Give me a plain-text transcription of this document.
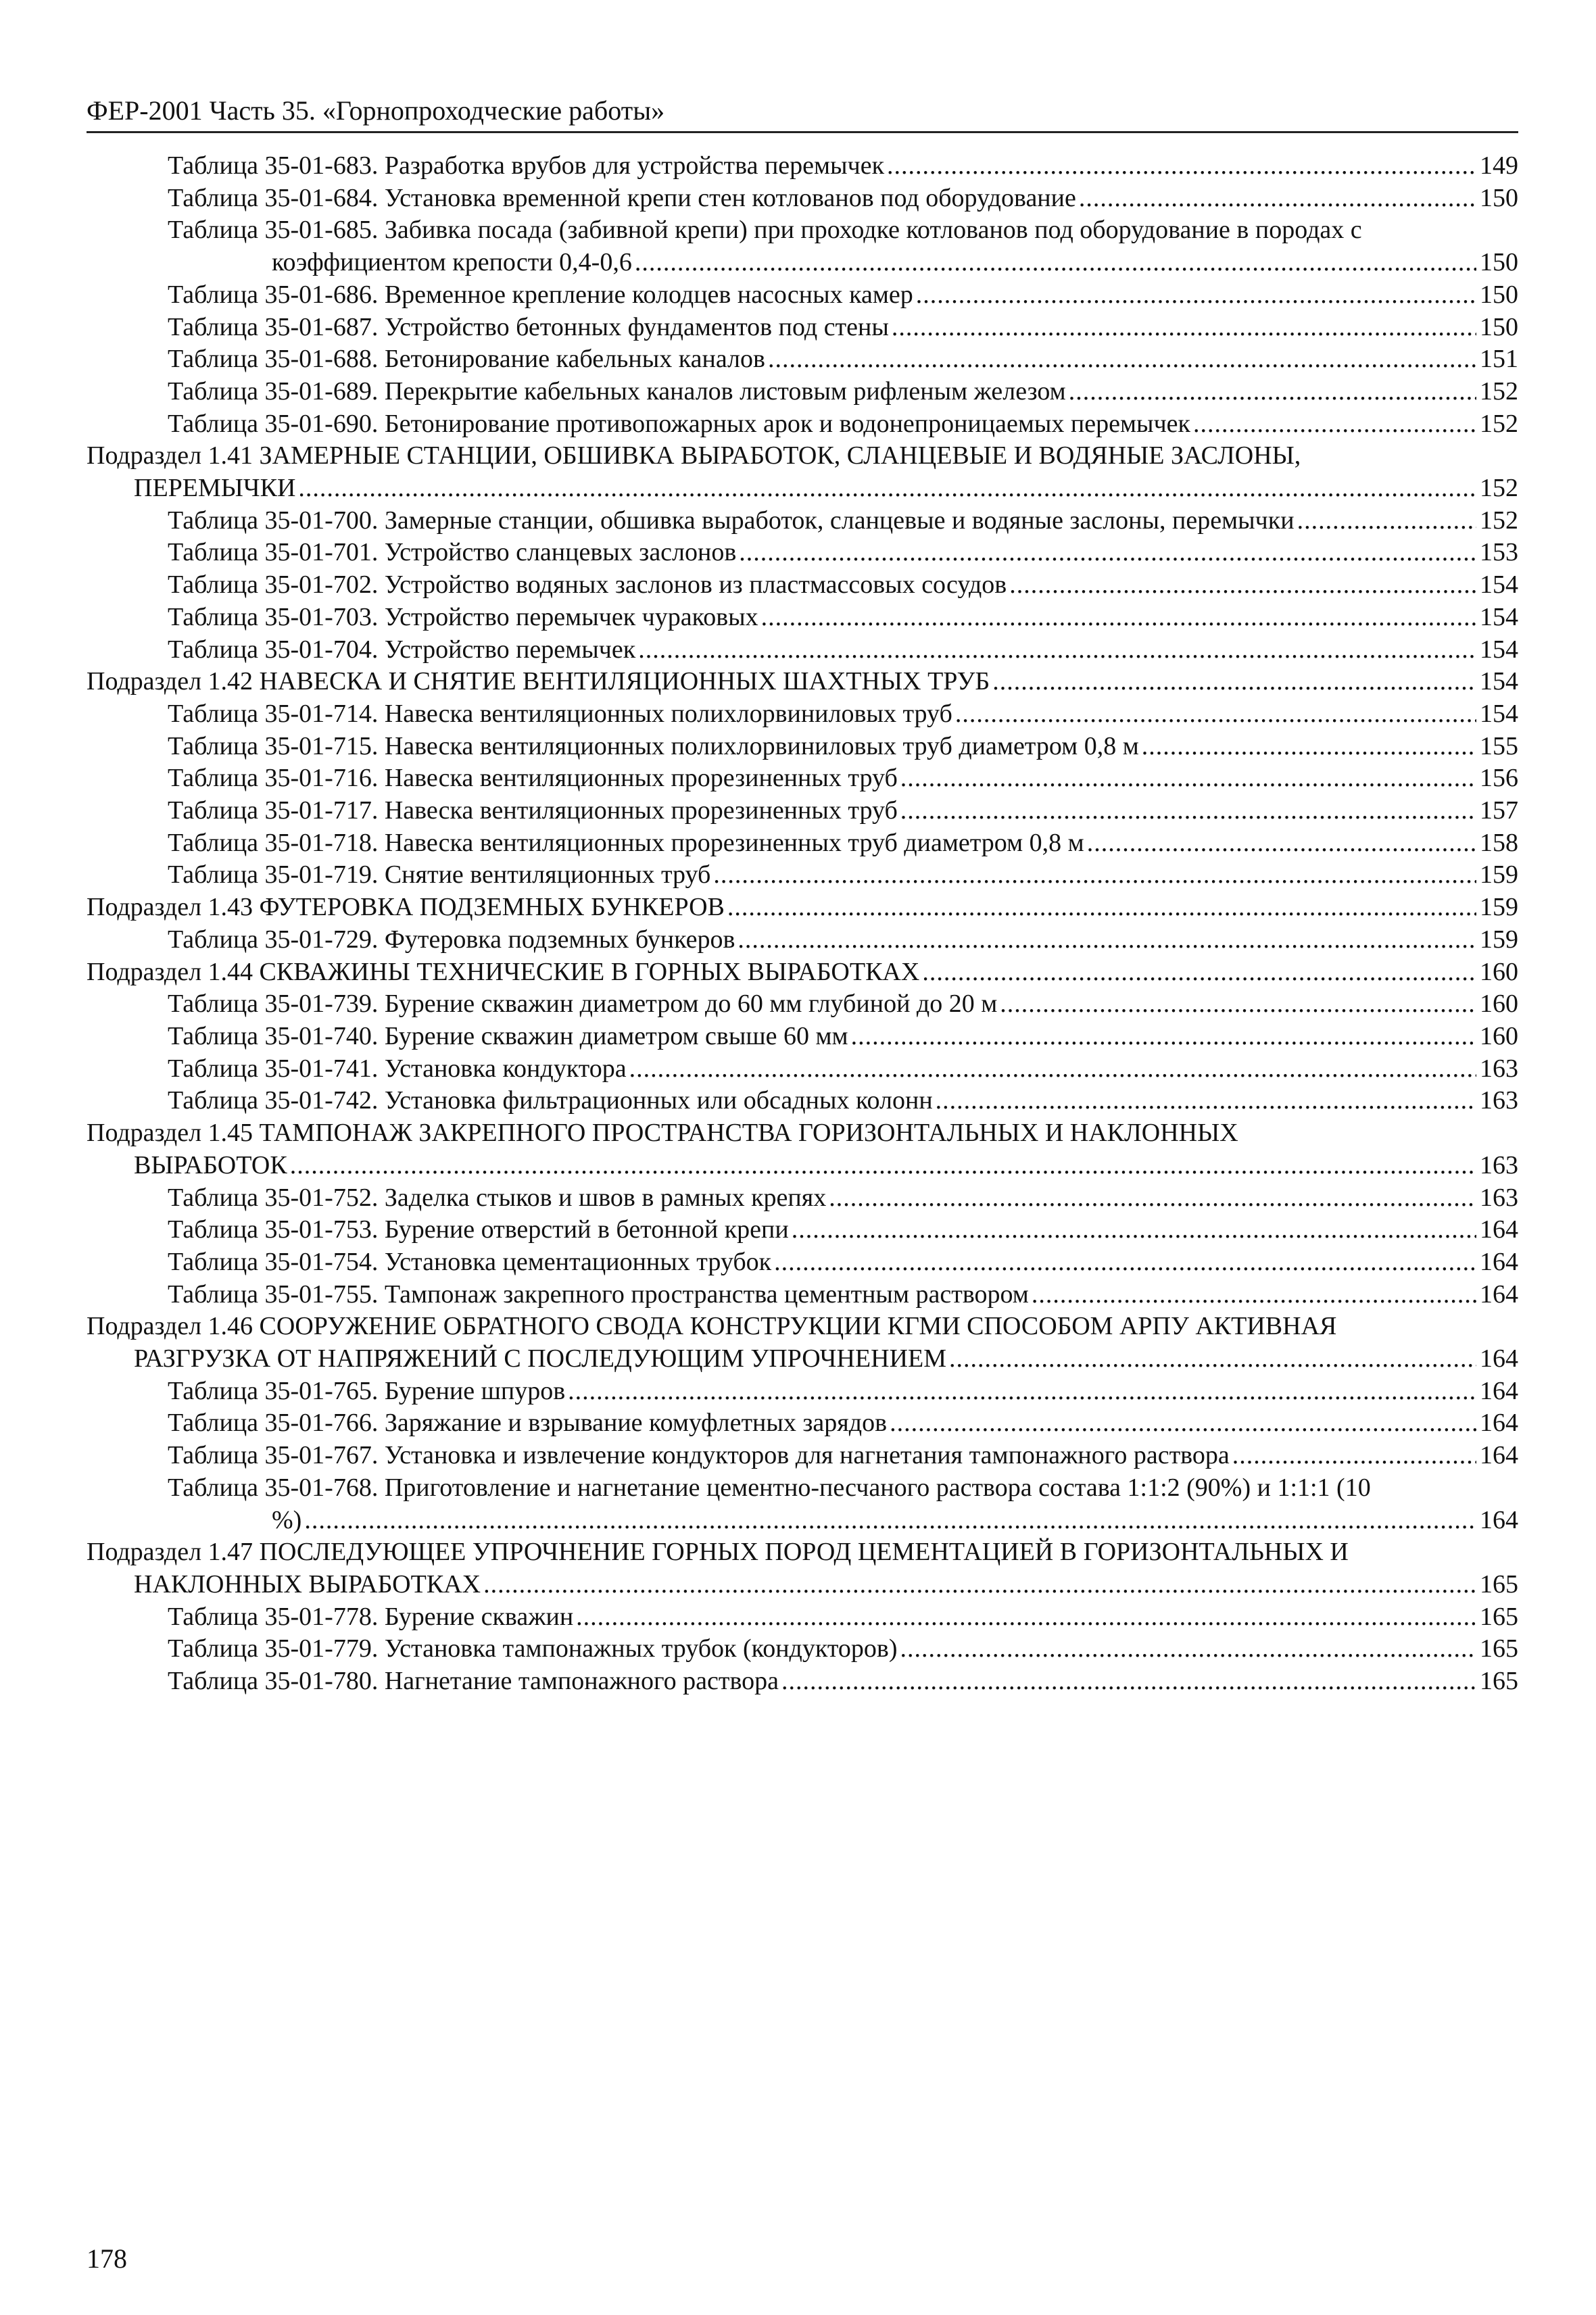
ФЕР-2001 Часть 35. «Горнопроходческие работы»
Таблица 35-01-683. Разработка врубов для устройства перемычек .....	149
Таблица 35-01-684. Установка временной крепи стен котлованов под оборудование .....	150
Таблица 35-01-685. Забивка посада (забивной крепи) при проходке котлованов под оборудование в породах с
коэффициентом крепости 0,4-0,6 .....	150
Таблица 35-01-686. Временное крепление колодцев насосных камер .....	150
Таблица 35-01-687. Устройство бетонных фундаментов под стены .....	150
Таблица 35-01-688. Бетонирование кабельных каналов .....	151
Таблица 35-01-689. Перекрытие кабельных каналов листовым рифленым железом .....	152
Таблица 35-01-690. Бетонирование противопожарных арок и водонепроницаемых перемычек .....	152
Подраздел 1.41 ЗАМЕРНЫЕ СТАНЦИИ, ОБШИВКА ВЫРАБОТОК, СЛАНЦЕВЫЕ И ВОДЯНЫЕ ЗАСЛОНЫ,
ПЕРЕМЫЧКИ .....	152
Таблица 35-01-700. Замерные станции, обшивка выработок, сланцевые и водяные заслоны, перемычки .....	152
Таблица 35-01-701. Устройство сланцевых заслонов .....	153
Таблица 35-01-702. Устройство водяных заслонов из пластмассовых сосудов .....	154
Таблица 35-01-703. Устройство перемычек чураковых .....	154
Таблица 35-01-704. Устройство перемычек .....	154
Подраздел 1.42 НАВЕСКА И СНЯТИЕ ВЕНТИЛЯЦИОННЫХ ШАХТНЫХ ТРУБ .....	154
Таблица 35-01-714. Навеска вентиляционных полихлорвиниловых труб .....	154
Таблица 35-01-715. Навеска вентиляционных полихлорвиниловых труб диаметром 0,8 м .....	155
Таблица 35-01-716. Навеска вентиляционных прорезиненных труб .....	156
Таблица 35-01-717. Навеска вентиляционных прорезиненных труб .....	157
Таблица 35-01-718. Навеска вентиляционных прорезиненных труб диаметром 0,8 м .....	158
Таблица 35-01-719. Снятие вентиляционных труб .....	159
Подраздел 1.43 ФУТЕРОВКА ПОДЗЕМНЫХ БУНКЕРОВ .....	159
Таблица 35-01-729. Футеровка подземных бункеров .....	159
Подраздел 1.44 СКВАЖИНЫ ТЕХНИЧЕСКИЕ В ГОРНЫХ ВЫРАБОТКАХ .....	160
Таблица 35-01-739. Бурение скважин диаметром до 60 мм глубиной до 20 м .....	160
Таблица 35-01-740. Бурение скважин диаметром свыше 60 мм .....	160
Таблица 35-01-741. Установка кондуктора .....	163
Таблица 35-01-742. Установка фильтрационных или обсадных колонн .....	163
Подраздел 1.45 ТАМПОНАЖ ЗАКРЕПНОГО ПРОСТРАНСТВА ГОРИЗОНТАЛЬНЫХ И НАКЛОННЫХ
ВЫРАБОТОК .....	163
Таблица 35-01-752. Заделка стыков и швов в рамных крепях .....	163
Таблица 35-01-753. Бурение отверстий в бетонной крепи .....	164
Таблица 35-01-754. Установка цементационных трубок .....	164
Таблица 35-01-755. Тампонаж закрепного пространства цементным раствором .....	164
Подраздел 1.46 СООРУЖЕНИЕ ОБРАТНОГО СВОДА КОНСТРУКЦИИ КГМИ СПОСОБОМ АРПУ АКТИВНАЯ
РАЗГРУЗКА ОТ НАПРЯЖЕНИЙ С ПОСЛЕДУЮЩИМ УПРОЧНЕНИЕМ .....	164
Таблица 35-01-765. Бурение шпуров .....	164
Таблица 35-01-766. Заряжание и взрывание комуфлетных зарядов .....	164
Таблица 35-01-767. Установка и извлечение кондукторов для нагнетания тампонажного раствора .....	164
Таблица 35-01-768. Приготовление и нагнетание цементно-песчаного раствора состава 1:1:2 (90%) и 1:1:1 (10
%) .....	164
Подраздел 1.47 ПОСЛЕДУЮЩЕЕ УПРОЧНЕНИЕ ГОРНЫХ ПОРОД ЦЕМЕНТАЦИЕЙ В ГОРИЗОНТАЛЬНЫХ И
НАКЛОННЫХ ВЫРАБОТКАХ .....	165
Таблица 35-01-778. Бурение скважин .....	165
Таблица 35-01-779. Установка тампонажных трубок (кондукторов) .....	165
Таблица 35-01-780. Нагнетание тампонажного раствора .....	165
178
